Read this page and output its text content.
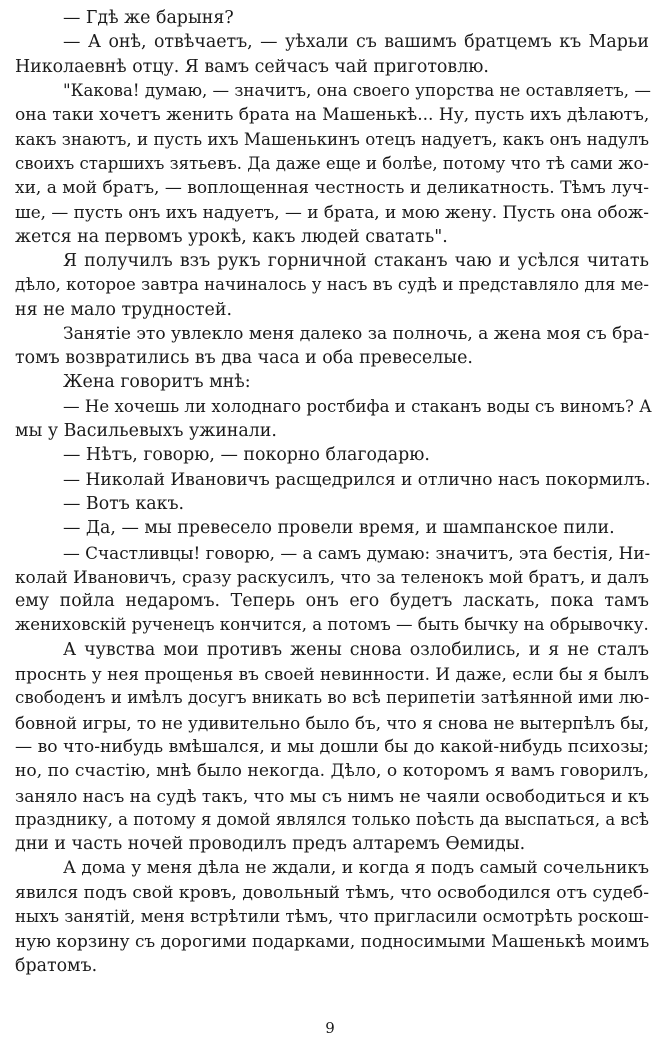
— Гдѣ же барыня?
— А онѣ, отвѣчаетъ, — уѣхали съ вашимъ братцемъ къ Марьи
Николаевнѣ отцу. Я вамъ сейчасъ чай приготовлю.
"Какова! думаю, — значитъ, она своего упорства не оставляетъ, —
она таки хочетъ женить брата на Машенькѣ... Ну, пусть ихъ дѣлаютъ,
какъ знаютъ, и пусть ихъ Машенькинъ отецъ надуетъ, какъ онъ надулъ
своихъ старшихъ зятьевъ. Да даже еще и болѣе, потому что тѣ сами жо-
хи, а мой братъ, — воплощенная честность и деликатность. Тѣмъ луч-
ше, — пусть онъ ихъ надуетъ, — и брата, и мою жену. Пусть она обож-
жется на первомъ урокѣ, какъ людей сватать".
Я получилъ взъ рукъ горничной стаканъ чаю и усѣлся читать
дѣло, которое завтра начиналось у насъ въ судѣ и представляло для ме-
ня не мало трудностей.
Занятіе это увлекло меня далеко за полночь, а жена моя съ бра-
томъ возвратились въ два часа и оба превеселые.
Жена говоритъ мнѣ:
— Не хочешь ли холоднаго ростбифа и стаканъ воды съ виномъ? А
мы у Васильевыхъ ужинали.
— Нѣтъ, говорю, — покорно благодарю.
— Николай Ивановичъ расщедрился и отлично насъ покормилъ.
— Вотъ какъ.
— Да, — мы превесело провели время, и шампанское пили.
— Счастливцы! говорю, — а самъ думаю: значитъ, эта бестія, Ни-
колай Ивановичъ, сразу раскусилъ, что за теленокъ мой братъ, и далъ
ему пойла недаромъ. Теперь онъ его будетъ ласкать, пока тамъ
жениховскій рученецъ кончится, а потомъ — быть бычку на обрывочку.
А чувства мои противъ жены снова озлобились, и я не сталъ
проснть у нея прощенья въ своей невинности. И даже, если бы я былъ
свободенъ и имѣлъ досугъ вникать во всѣ перипетіи затѣянной ими лю-
бовной игры, то не удивительно было бъ, что я снова не вытерпѣлъ бы,
— во что-нибудь вмѣшался, и мы дошли бы до какой-нибудь психозы;
но, по счастію, мнѣ было некогда. Дѣло, о которомъ я вамъ говорилъ,
заняло насъ на судѣ такъ, что мы съ нимъ не чаяли освободиться и къ
празднику, а потому я домой являлся только поѣсть да выспаться, а всѣ
дни и часть ночей проводилъ предъ алтаремъ Ѳемиды.
А дома у меня дѣла не ждали, и когда я подъ самый сочельникъ
явился подъ свой кровъ, довольный тѣмъ, что освободился отъ судеб-
ныхъ занятій, меня встрѣтили тѣмъ, что пригласили осмотрѣть роскош-
ную корзину съ дорогими подарками, подносимыми Машенькѣ моимъ
братомъ.
9
